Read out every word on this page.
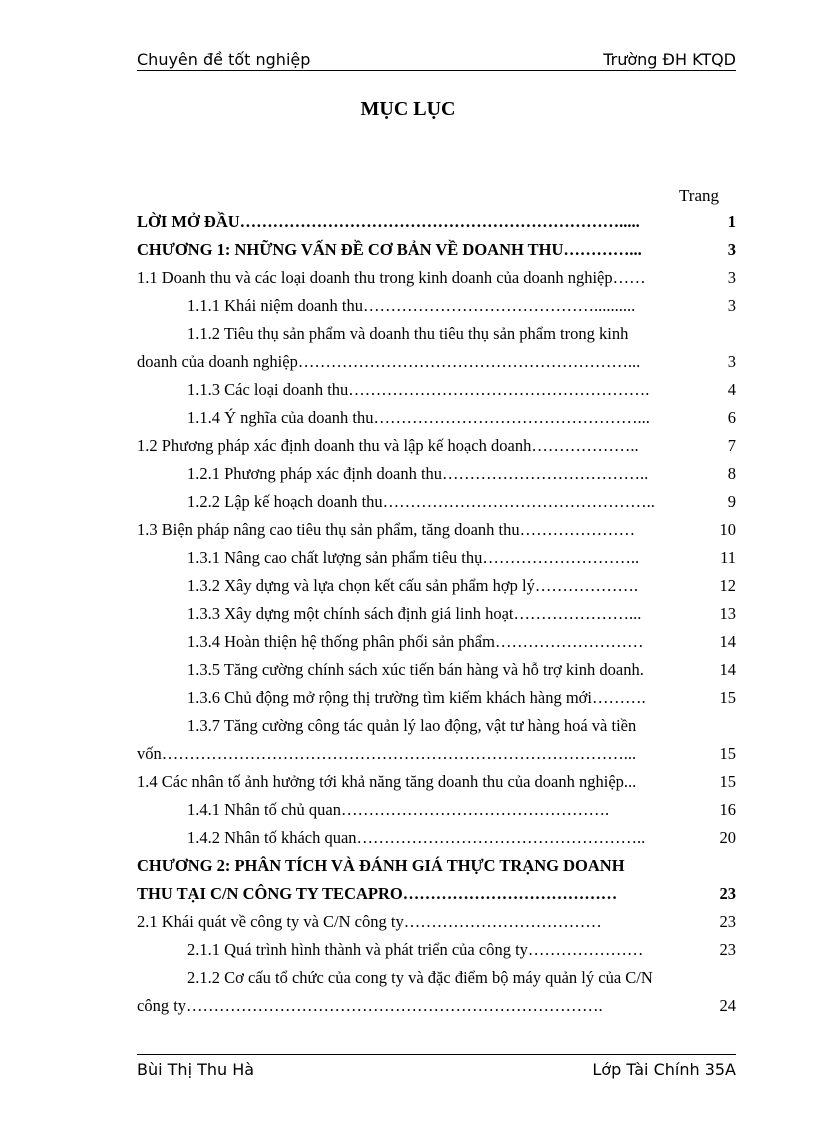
Chuyên đề tốt nghiệp	Trường ĐH KTQD
MỤC LỤC
Trang
LỜI MỞ ĐẦU…………………………………………………………….....	1
CHƯƠNG 1: NHỮNG VẤN ĐỀ CƠ BẢN VỀ DOANH THU…………...	3
1.1 Doanh thu và các loại doanh thu trong kinh doanh của doanh nghiệp……	3
1.1.1 Khái niệm doanh thu……………………………………..........	3
1.1.2 Tiêu thụ sản phẩm và doanh thu tiêu thụ sản phẩm trong kinh
doanh của doanh nghiệp……………………………………………………...	3
1.1.3 Các loại doanh thu……………………………………………….	4
1.1.4 Ý nghĩa của doanh thu…………………………………………...	6
1.2 Phương pháp xác định doanh thu và lập kế hoạch doanh………………..	7
1.2.1 Phương pháp xác định doanh thu………………………………..	8
1.2.2 Lập kế hoạch doanh thu…………………………………………..	9
1.3 Biện pháp nâng cao tiêu thụ sản phẩm, tăng doanh thu…………………	10
1.3.1 Nâng cao chất lượng sản phẩm tiêu thụ………………………..	11
1.3.2 Xây dựng và lựa chọn kết cấu sản phẩm hợp lý……………….	12
1.3.3 Xây dựng một chính sách định giá linh hoạt…………………...	13
1.3.4 Hoàn thiện hệ thống phân phối sản phẩm………………………	14
1.3.5 Tăng cường chính sách xúc tiến bán hàng và hỗ trợ kinh doanh.	14
1.3.6 Chủ động mở rộng thị trường tìm kiếm khách hàng mới……….	15
1.3.7 Tăng cường công tác quản lý lao động, vật tư hàng hoá và tiền
vốn…………………………………………………………………………...	15
1.4 Các nhân tố ảnh hưởng tới khả năng tăng doanh thu của doanh nghiệp...	15
1.4.1 Nhân tố chủ quan………………………………………….	16
1.4.2 Nhân tố khách quan……………………………………………..	20
CHƯƠNG 2: PHÂN TÍCH VÀ ĐÁNH GIÁ THỰC TRẠNG DOANH
THU TẠI C/N CÔNG TY TECAPRO…………………………………	23
2.1 Khái quát về công ty và C/N công ty………………………………	23
2.1.1 Quá trình hình thành và phát triển của công ty…………………	23
2.1.2 Cơ cấu tổ chức của cong ty và đặc điểm bộ máy quản lý của C/N
công ty………………………………………………………………….	24
Bùi Thị Thu Hà	Lớp Tài Chính 35A
